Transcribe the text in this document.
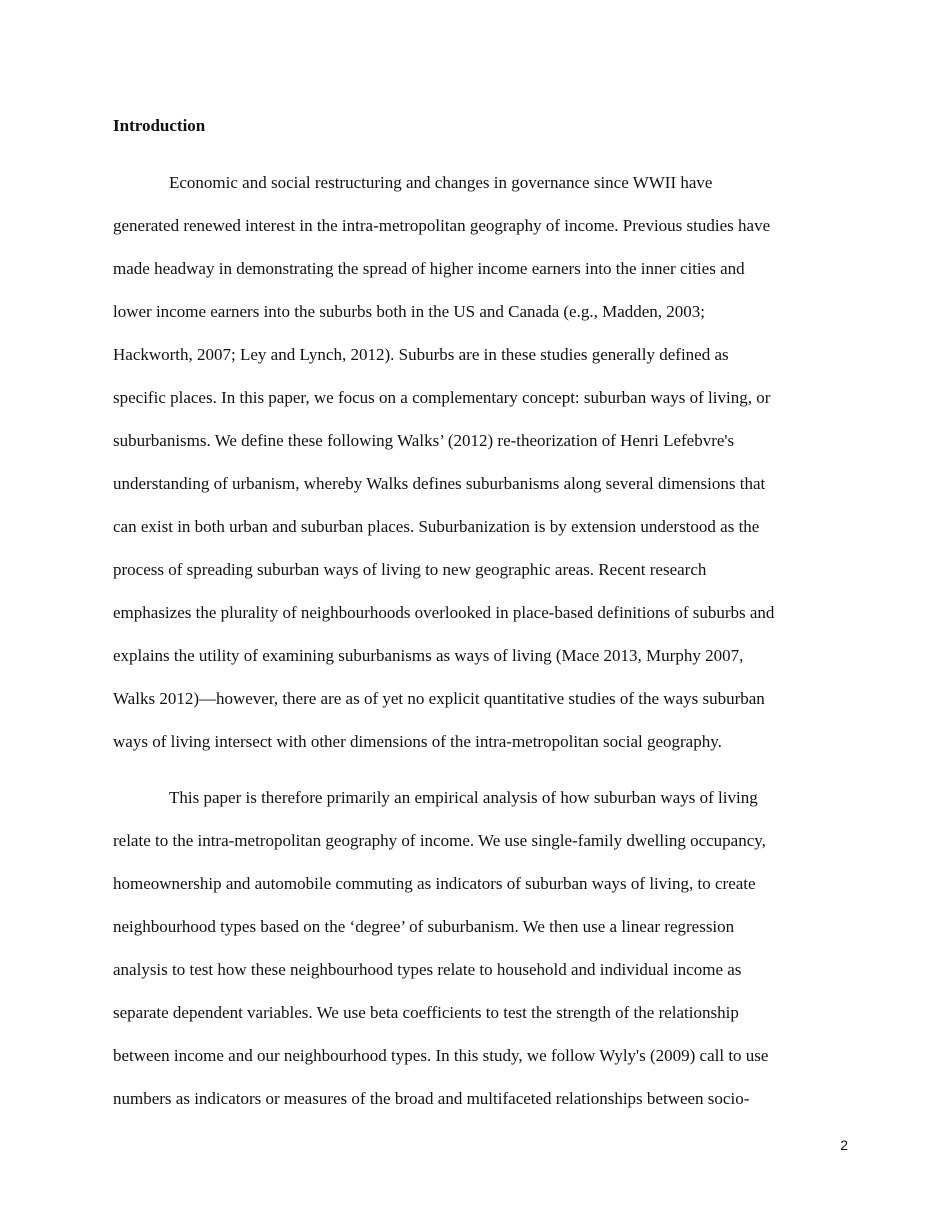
Introduction
Economic and social restructuring and changes in governance since WWII have
generated renewed interest in the intra-metropolitan geography of income. Previous studies have
made headway in demonstrating the spread of higher income earners into the inner cities and
lower income earners into the suburbs both in the US and Canada (e.g., Madden, 2003;
Hackworth, 2007; Ley and Lynch, 2012). Suburbs are in these studies generally defined as
specific places. In this paper, we focus on a complementary concept: suburban ways of living, or
suburbanisms. We define these following Walks’ (2012) re-theorization of Henri Lefebvre's
understanding of urbanism, whereby Walks defines suburbanisms along several dimensions that
can exist in both urban and suburban places. Suburbanization is by extension understood as the
process of spreading suburban ways of living to new geographic areas. Recent research
emphasizes the plurality of neighbourhoods overlooked in place-based definitions of suburbs and
explains the utility of examining suburbanisms as ways of living (Mace 2013, Murphy 2007,
Walks 2012)—however, there are as of yet no explicit quantitative studies of the ways suburban
ways of living intersect with other dimensions of the intra-metropolitan social geography.
This paper is therefore primarily an empirical analysis of how suburban ways of living
relate to the intra-metropolitan geography of income. We use single-family dwelling occupancy,
homeownership and automobile commuting as indicators of suburban ways of living, to create
neighbourhood types based on the ‘degree’ of suburbanism. We then use a linear regression
analysis to test how these neighbourhood types relate to household and individual income as
separate dependent variables. We use beta coefficients to test the strength of the relationship
between income and our neighbourhood types. In this study, we follow Wyly's (2009) call to use
numbers as indicators or measures of the broad and multifaceted relationships between socio-
2
